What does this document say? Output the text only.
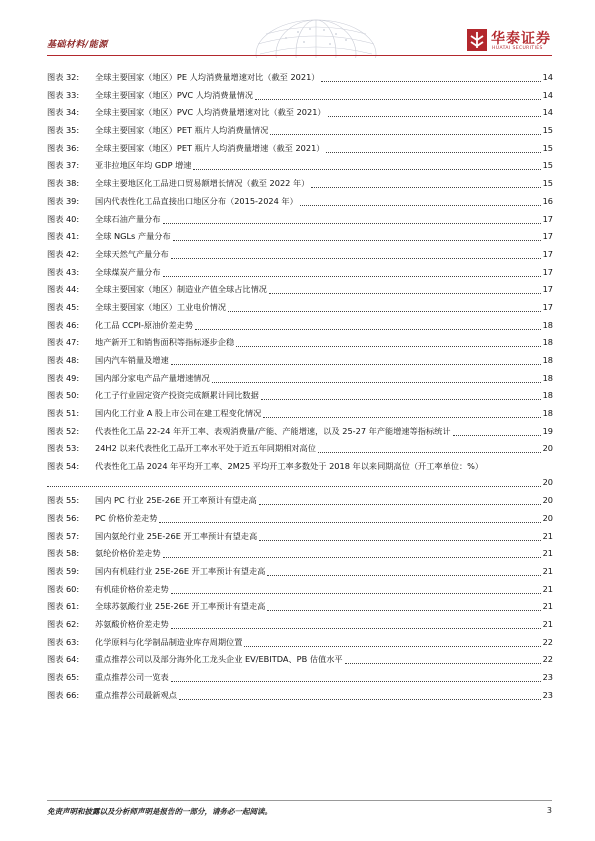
基础材料/能源	华泰证券
HUATAI SECURITIES
图表 32: 全球主要国家（地区）PE 人均消费量增速对比（截至 2021）	14
图表 33: 全球主要国家（地区）PVC 人均消费量情况	14
图表 34: 全球主要国家（地区）PVC 人均消费量增速对比（截至 2021）	14
图表 35: 全球主要国家（地区）PET 瓶片人均消费量情况	15
图表 36: 全球主要国家（地区）PET 瓶片人均消费量增速（截至 2021）	15
图表 37: 亚非拉地区年均 GDP 增速	15
图表 38: 全球主要地区化工品进口贸易额增长情况（截至 2022 年）	15
图表 39: 国内代表性化工品直接出口地区分布（2015-2024 年）	16
图表 40: 全球石油产量分布	17
图表 41: 全球 NGLs 产量分布	17
图表 42: 全球天然气产量分布	17
图表 43: 全球煤炭产量分布	17
图表 44: 全球主要国家（地区）制造业产值全球占比情况	17
图表 45: 全球主要国家（地区）工业电价情况	17
图表 46: 化工品 CCPI-原油价差走势	18
图表 47: 地产新开工和销售面积等指标逐步企稳	18
图表 48: 国内汽车销量及增速	18
图表 49: 国内部分家电产品产量增速情况	18
图表 50: 化工子行业固定资产投资完成额累计同比数据	18
图表 51: 国内化工行业 A 股上市公司在建工程变化情况	18
图表 52: 代表性化工品 22-24 年开工率、表观消费量/产能、产能增速，以及 25-27 年产能增速等指标统计	19
图表 53: 24H2 以来代表性化工品开工率水平处于近五年同期相对高位	20
图表 54: 代表性化工品 2024 年平均开工率、2M25 平均开工率多数处于 2018 年以来同期高位（开工率单位：%）
20
图表 55: 国内 PC 行业 25E-26E 开工率预计有望走高	20
图表 56: PC 价格价差走势	20
图表 57: 国内氨纶行业 25E-26E 开工率预计有望走高	21
图表 58: 氨纶价格价差走势	21
图表 59: 国内有机硅行业 25E-26E 开工率预计有望走高	21
图表 60: 有机硅价格价差走势	21
图表 61: 全球苏氨酸行业 25E-26E 开工率预计有望走高	21
图表 62: 苏氨酸价格价差走势	21
图表 63: 化学原料与化学制品制造业库存周期位置	22
图表 64: 重点推荐公司以及部分海外化工龙头企业 EV/EBITDA、PB 估值水平	22
图表 65: 重点推荐公司一览表	23
图表 66: 重点推荐公司最新观点	23
免责声明和披露以及分析师声明是报告的一部分，请务必一起阅读。	3
